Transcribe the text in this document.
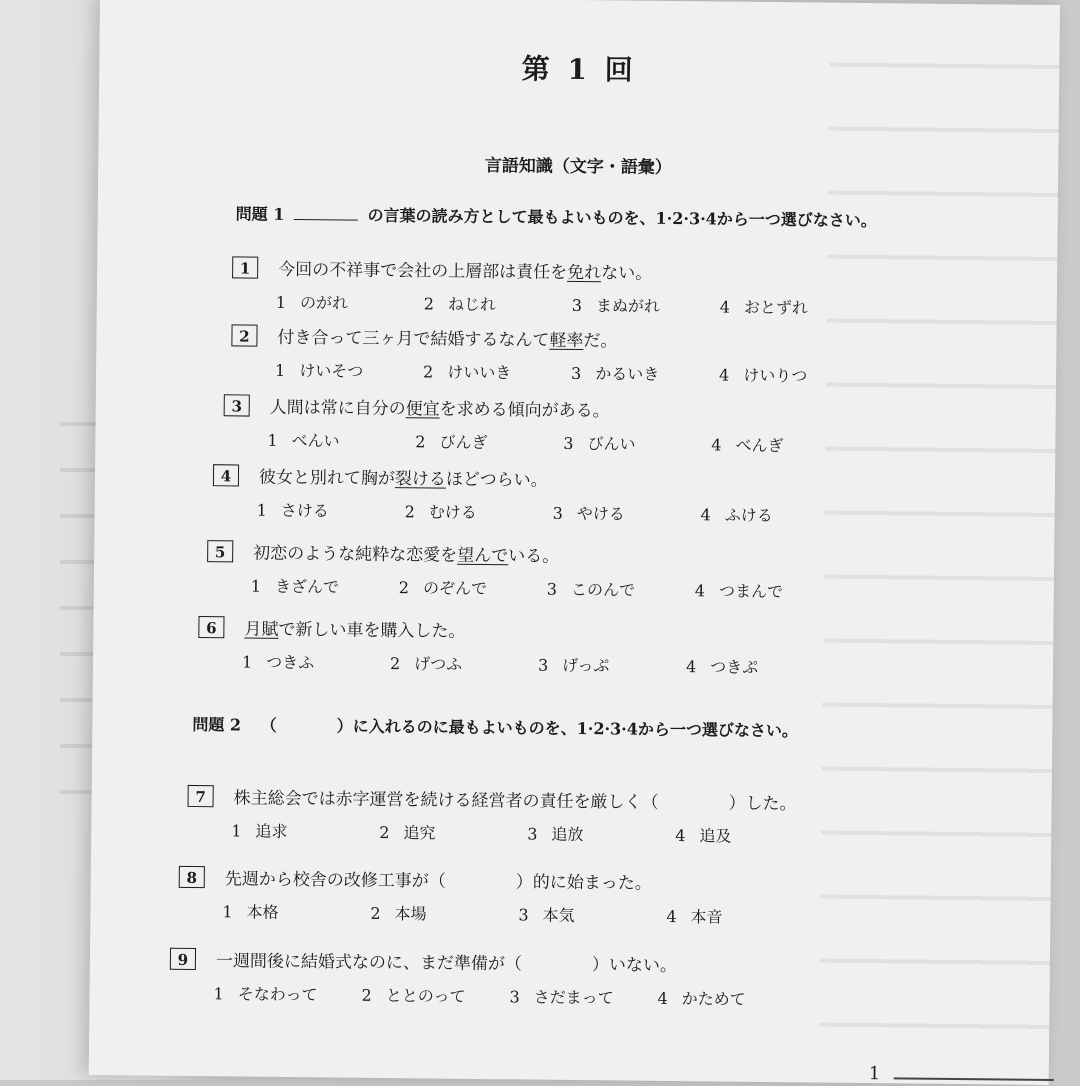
第 1 回
言語知識（文字・語彙）
問題 1	の言葉の読み方として最もよいものを、1·2·3·4から一つ選びなさい。
問題 2 （	）に入れるのに最もよいものを、1·2·3·4から一つ選びなさい。
1	今回の不祥事で会社の上層部は責任を 免れ ない。
1 のがれ	2 ねじれ	3 まぬがれ	4 おとずれ
2	付き合って三ヶ月で結婚するなんて 軽率 だ。
1 けいそつ	2 けいいき	3 かるいき	4 けいりつ
3	人間は常に自分の 便宜 を求める傾向がある。
1 べんい	2 びんぎ	3 びんい	4 べんぎ
4	彼女と別れて胸が 裂ける ほどつらい。
1 さける	2 むける	3 やける	4 ふける
5	初恋のような純粋な恋愛を 望んで いる。
1 きざんで	2 のぞんで	3 このんで	4 つまんで
6	月賦 で新しい車を購入した。
1 つきふ	2 げつふ	3 げっぷ	4 つきぷ
7	株主総会では赤字運営を続ける経営者の責任を厳しく（	）した。
1 追求	2 追究	3 追放	4 追及
8	先週から校舎の改修工事が（	）的に始まった。
1 本格	2 本場	3 本気	4 本音
9	一週間後に結婚式なのに、まだ準備が（	）いない。
1 そなわって	2 ととのって	3 さだまって	4 かためて
1
